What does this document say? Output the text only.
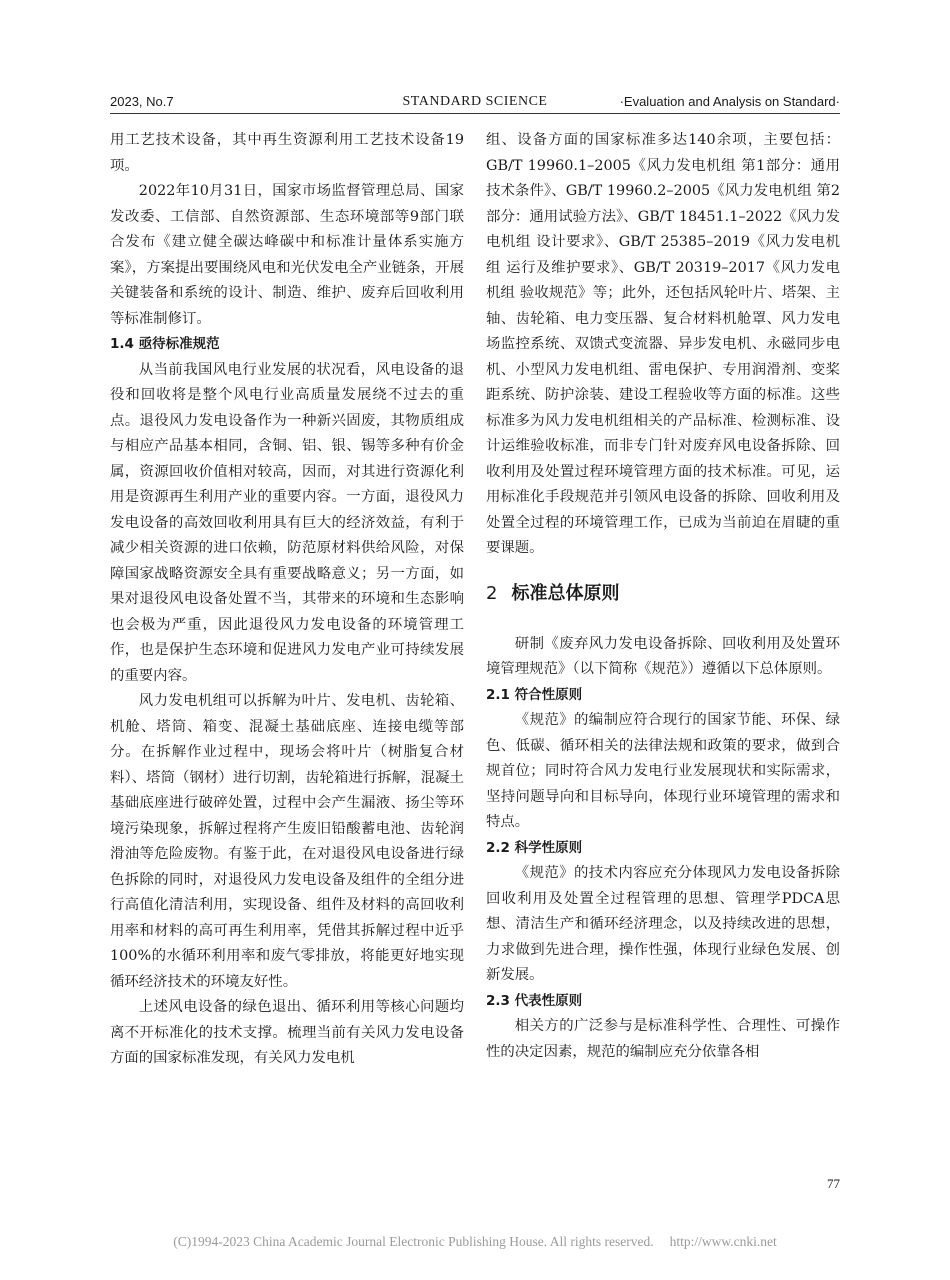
2023, No.7	STANDARD SCIENCE	·Evaluation and Analysis on Standard·

用工艺技术设备，其中再生资源利用工艺技术设备19项。

2022年10月31日，国家市场监督管理总局、国家发改委、工信部、自然资源部、生态环境部等9部门联合发布《建立健全碳达峰碳中和标准计量体系实施方案》，方案提出要围绕风电和光伏发电全产业链条，开展关键装备和系统的设计、制造、维护、废弃后回收利用等标准制修订。

1.4 亟待标准规范

从当前我国风电行业发展的状况看，风电设备的退役和回收将是整个风电行业高质量发展绕不过去的重点。退役风力发电设备作为一种新兴固废，其物质组成与相应产品基本相同，含铜、铝、银、锡等多种有价金属，资源回收价值相对较高，因而，对其进行资源化利用是资源再生利用产业的重要内容。一方面，退役风力发电设备的高效回收利用具有巨大的经济效益，有利于减少相关资源的进口依赖，防范原材料供给风险，对保障国家战略资源安全具有重要战略意义；另一方面，如果对退役风电设备处置不当，其带来的环境和生态影响也会极为严重，因此退役风力发电设备的环境管理工作，也是保护生态环境和促进风力发电产业可持续发展的重要内容。

风力发电机组可以拆解为叶片、发电机、齿轮箱、机舱、塔筒、箱变、混凝土基础底座、连接电缆等部分。在拆解作业过程中，现场会将叶片（树脂复合材料）、塔筒（钢材）进行切割，齿轮箱进行拆解，混凝土基础底座进行破碎处置，过程中会产生漏液、扬尘等环境污染现象，拆解过程将产生废旧铅酸蓄电池、齿轮润滑油等危险废物。有鉴于此，在对退役风电设备进行绿色拆除的同时，对退役风力发电设备及组件的全组分进行高值化清洁利用，实现设备、组件及材料的高回收利用率和材料的高可再生利用率，凭借其拆解过程中近乎100%的水循环利用率和废气零排放，将能更好地实现循环经济技术的环境友好性。

上述风电设备的绿色退出、循环利用等核心问题均离不开标准化的技术支撑。梳理当前有关风力发电设备方面的国家标准发现，有关风力发电机

组、设备方面的国家标准多达140余项，主要包括：GB/T 19960.1–2005《风力发电机组 第1部分：通用技术条件》、GB/T 19960.2–2005《风力发电机组 第2部分：通用试验方法》、GB/T 18451.1–2022《风力发电机组 设计要求》、GB/T 25385–2019《风力发电机组 运行及维护要求》、GB/T 20319–2017《风力发电机组 验收规范》等；此外，还包括风轮叶片、塔架、主轴、齿轮箱、电力变压器、复合材料机舱罩、风力发电场监控系统、双馈式变流器、异步发电机、永磁同步电机、小型风力发电机组、雷电保护、专用润滑剂、变桨距系统、防护涂装、建设工程验收等方面的标准。这些标准多为风力发电机组相关的产品标准、检测标准、设计运维验收标准，而非专门针对废弃风电设备拆除、回收利用及处置过程环境管理方面的技术标准。可见，运用标准化手段规范并引领风电设备的拆除、回收利用及处置全过程的环境管理工作，已成为当前迫在眉睫的重要课题。

2 标准总体原则

研制《废弃风力发电设备拆除、回收利用及处置环境管理规范》（以下简称《规范》）遵循以下总体原则。

2.1 符合性原则

《规范》的编制应符合现行的国家节能、环保、绿色、低碳、循环相关的法律法规和政策的要求，做到合规首位；同时符合风力发电行业发展现状和实际需求，坚持问题导向和目标导向，体现行业环境管理的需求和特点。

2.2 科学性原则

《规范》的技术内容应充分体现风力发电设备拆除回收利用及处置全过程管理的思想、管理学PDCA思想、清洁生产和循环经济理念，以及持续改进的思想，力求做到先进合理，操作性强，体现行业绿色发展、创新发展。

2.3 代表性原则

相关方的广泛参与是标准科学性、合理性、可操作性的决定因素，规范的编制应充分依靠各相

77
(C)1994-2023 China Academic Journal Electronic Publishing House. All rights reserved. http://www.cnki.net
